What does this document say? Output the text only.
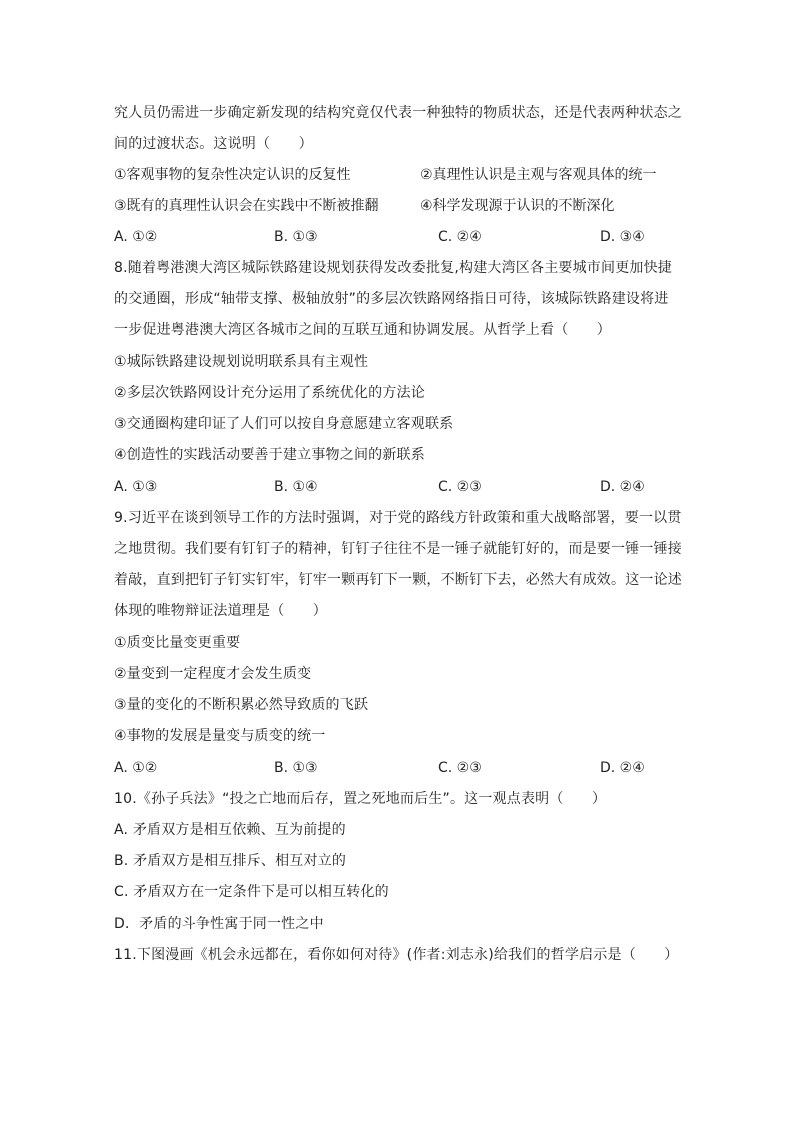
究人员仍需进一步确定新发现的结构究竟仅代表一种独特的物质状态，还是代表两种状态之
间的过渡状态。这说明（　　）
①客观事物的复杂性决定认识的反复性	②真理性认识是主观与客观具体的统一
③既有的真理性认识会在实践中不断被推翻	④科学发现源于认识的不断深化
A. ①②	B. ①③	C. ②④	D. ③④
8.随着粤港澳大湾区城际铁路建设规划获得发改委批复,构建大湾区各主要城市间更加快捷
的交通圈，形成“轴带支撑、极轴放射”的多层次铁路网络指日可待，该城际铁路建设将进
一步促进粤港澳大湾区各城市之间的互联互通和协调发展。从哲学上看（　　）
①城际铁路建设规划说明联系具有主观性
②多层次铁路网设计充分运用了系统优化的方法论
③交通圈构建印证了人们可以按自身意愿建立客观联系
④创造性的实践活动要善于建立事物之间的新联系
A. ①③	B. ①④	C. ②③	D. ②④
9.习近平在谈到领导工作的方法时强调，对于党的路线方针政策和重大战略部署，要一以贯
之地贯彻。我们要有钉钉子的精神，钉钉子往往不是一锤子就能钉好的，而是要一锤一锤接
着敲，直到把钉子钉实钉牢，钉牢一颗再钉下一颗，不断钉下去，必然大有成效。这一论述
体现的唯物辩证法道理是（　　）
①质变比量变更重要
②量变到一定程度才会发生质变
③量的变化的不断积累必然导致质的飞跃
④事物的发展是量变与质变的统一
A. ①②	B. ①③	C. ②③	D. ②④
10.《孙子兵法》“投之亡地而后存，置之死地而后生”。这一观点表明（　　）
A. 矛盾双方是相互依赖、互为前提的
B. 矛盾双方是相互排斥、相互对立的
C. 矛盾双方在一定条件下是可以相互转化的
D．矛盾的斗争性寓于同一性之中
11.下图漫画《机会永远都在，看你如何对待》(作者:刘志永)给我们的哲学启示是（　　）
